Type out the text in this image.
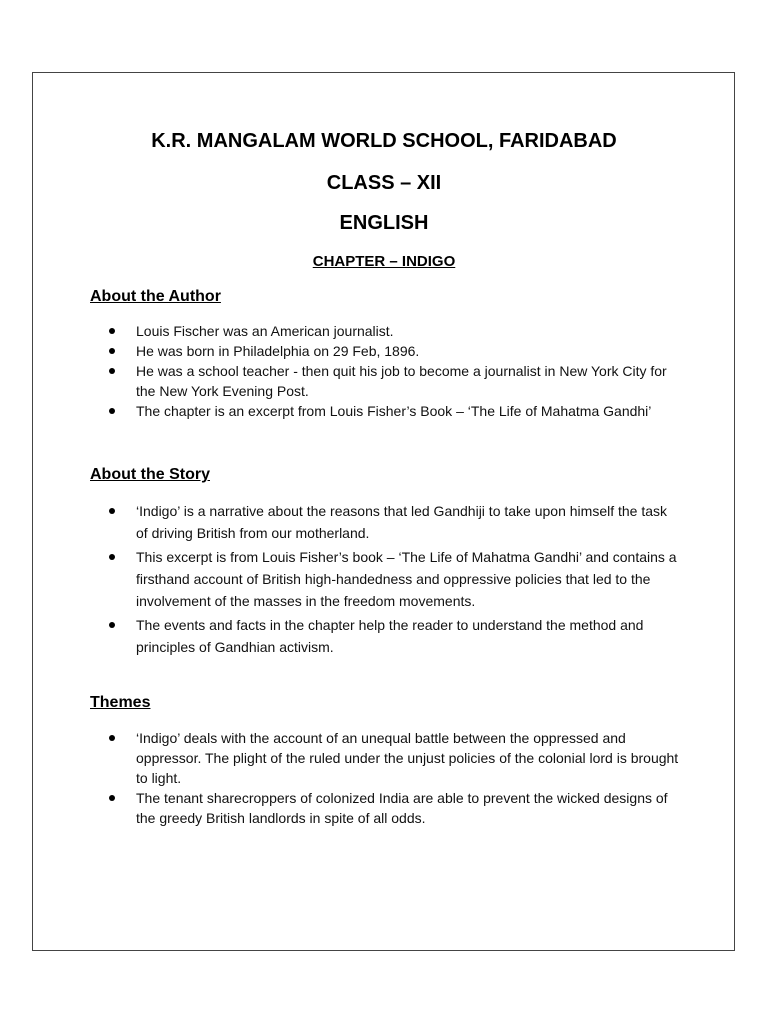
K.R. MANGALAM WORLD SCHOOL, FARIDABAD
CLASS – XII
ENGLISH
CHAPTER – INDIGO
About the Author
Louis Fischer was an American journalist.
He was born in Philadelphia on 29 Feb, 1896.
He was a school teacher - then quit his job to become a journalist in New York City for the New York Evening Post.
The chapter is an excerpt from Louis Fisher’s Book – ‘The Life of Mahatma Gandhi’
About the Story
‘Indigo’ is a narrative about the reasons that led Gandhiji to take upon himself the task of driving British from our motherland.
This excerpt is from Louis Fisher’s book – ‘The Life of Mahatma Gandhi’ and contains a firsthand account of British high-handedness and oppressive policies that led to the involvement of the masses in the freedom movements.
The events and facts in the chapter help the reader to understand the method and principles of Gandhian activism.
Themes
‘Indigo’ deals with the account of an unequal battle between the oppressed and oppressor. The plight of the ruled under the unjust policies of the colonial lord is brought to light.
The tenant sharecroppers of colonized India are able to prevent the wicked designs of the greedy British landlords in spite of all odds.
